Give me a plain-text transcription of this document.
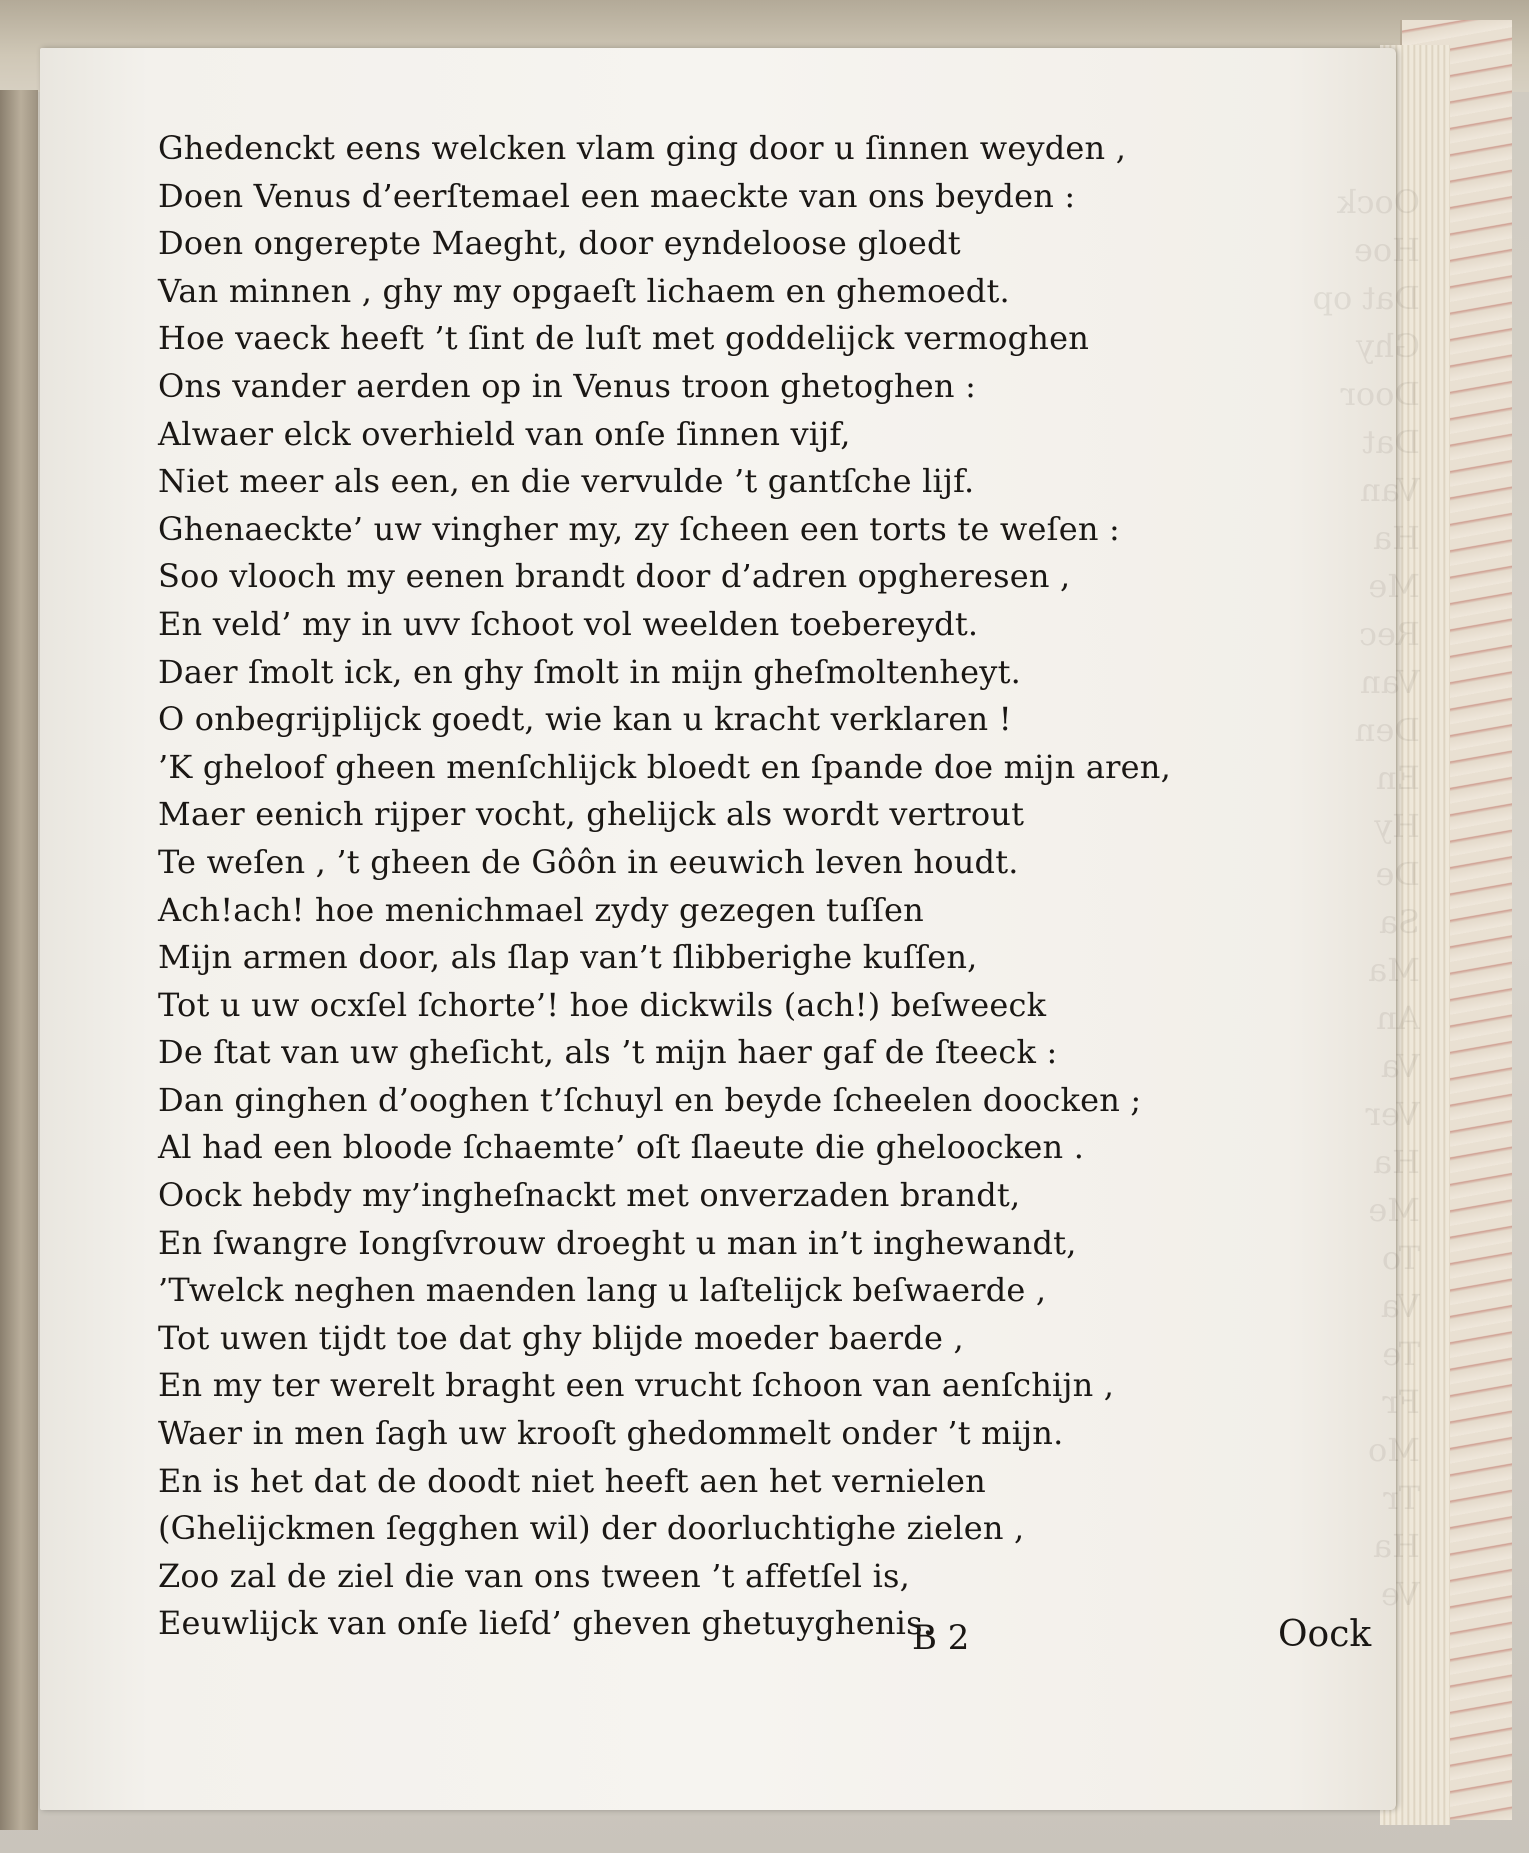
Oock
Hoe
Dat op
Ghy
Door
Dat
Van
Ha
Me
Rec
Van
Den
En
Hy
De
Sa
Ma
An
Va
Ver
Ha
Me
To
Va
Te
Fr
Mo
Tr
Ha
Ve
Ghedenckt eens welcken vlam ging door u ſinnen weyden ,
Doen Venus d’eerſtemael een maeckte van ons beyden :
Doen ongerepte Maeght, door eyndeloose gloedt
Van minnen , ghy my opgaeſt lichaem en ghemoedt.
Hoe vaeck heeft ’t ſint de luſt met goddelijck vermoghen
Ons vander aerden op in Venus troon ghetoghen :
Alwaer elck overhield van onſe ſinnen vijf,
Niet meer als een, en die vervulde ’t gantſche lijf.
Ghenaeckte’ uw vingher my, zy ſcheen een torts te weſen :
Soo vlooch my eenen brandt door d’adren opgheresen ,
En veld’ my in uvv ſchoot vol weelden toebereydt.
Daer ſmolt ick, en ghy ſmolt in mijn gheſmoltenheyt.
O onbegrijplijck goedt, wie kan u kracht verklaren !
’K gheloof gheen menſchlijck bloedt en ſpande doe mijn aren,
Maer eenich rijper vocht, ghelijck als wordt vertrout
Te weſen , ’t gheen de Gôôn in eeuwich leven houdt.
Ach!ach! hoe menichmael zydy gezegen tuſſen
Mijn armen door, als ſlap van’t ſlibberighe kuſſen,
Tot u uw ocxſel ſchorte’! hoe dickwils (ach!) beſweeck
De ſtat van uw gheſicht, als ’t mijn haer gaf de ſteeck :
Dan ginghen d’ooghen t’ſchuyl en beyde ſcheelen doocken ;
Al had een bloode ſchaemte’ oſt ſlaeute die gheloocken .
Oock hebdy my’ingheſnackt met onverzaden brandt,
En ſwangre Iongſvrouw droeght u man in’t inghewandt,
’Twelck neghen maenden lang u laſtelijck beſwaerde ,
Tot uwen tijdt toe dat ghy blijde moeder baerde ,
En my ter werelt braght een vrucht ſchoon van aenſchijn ,
Waer in men ſagh uw krooſt ghedommelt onder ’t mijn.
En is het dat de doodt niet heeft aen het vernielen
(Ghelijckmen ſegghen wil) der doorluchtighe zielen ,
Zoo zal de ziel die van ons tween ’t affetſel is,
Eeuwlijck van onſe lieſd’ gheven ghetuyghenis.
B 2	Oock
